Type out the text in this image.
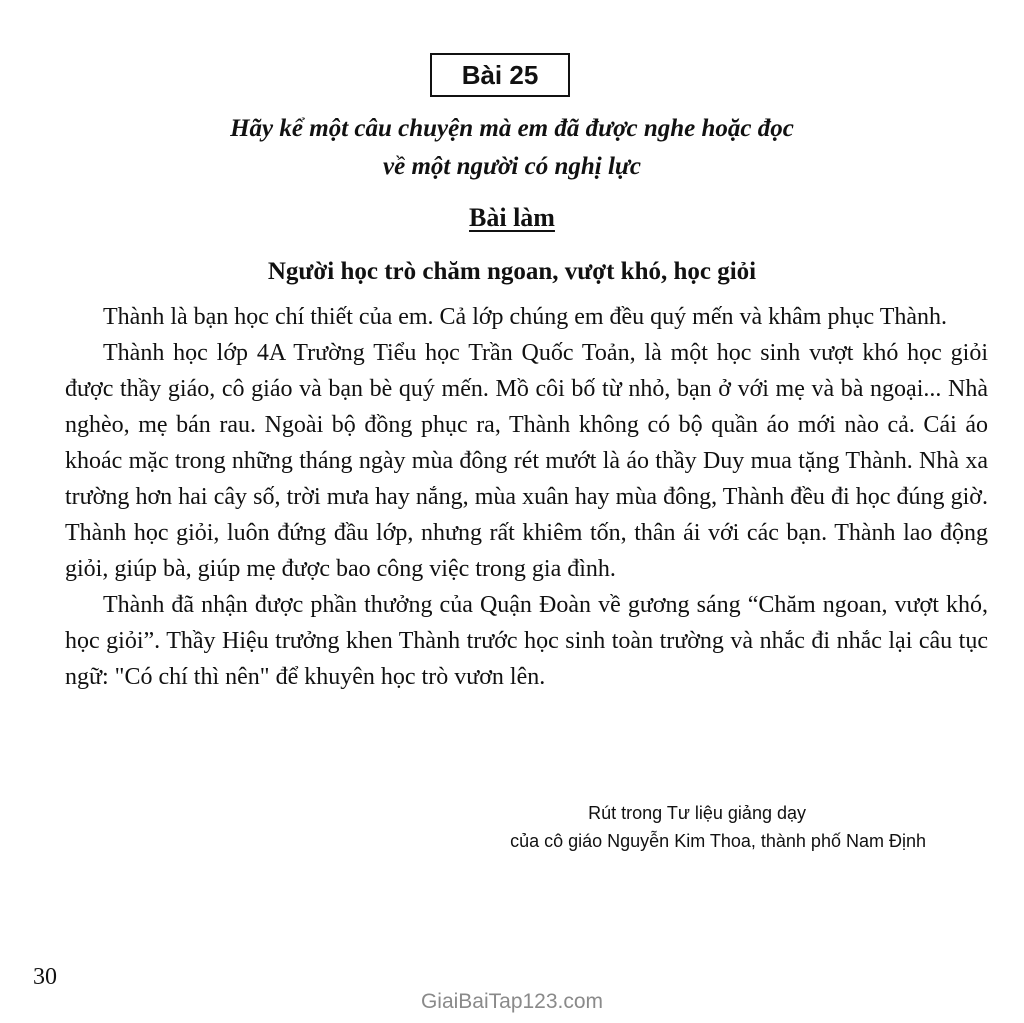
Bài 25
Hãy kể một câu chuyện mà em đã được nghe hoặc đọc
về một người có nghị lực
Bài làm
Người học trò chăm ngoan, vượt khó, học giỏi

Thành là bạn học chí thiết của em. Cả lớp chúng em đều quý mến và khâm phục Thành.

Thành học lớp 4A Trường Tiểu học Trần Quốc Toản, là một học sinh vượt khó học giỏi được thầy giáo, cô giáo và bạn bè quý mến. Mồ côi bố từ nhỏ, bạn ở với mẹ và bà ngoại... Nhà nghèo, mẹ bán rau. Ngoài bộ đồng phục ra, Thành không có bộ quần áo mới nào cả. Cái áo khoác mặc trong những tháng ngày mùa đông rét mướt là áo thầy Duy mua tặng Thành. Nhà xa trường hơn hai cây số, trời mưa hay nắng, mùa xuân hay mùa đông, Thành đều đi học đúng giờ. Thành học giỏi, luôn đứng đầu lớp, nhưng rất khiêm tốn, thân ái với các bạn. Thành lao động giỏi, giúp bà, giúp mẹ được bao công việc trong gia đình.

Thành đã nhận được phần thưởng của Quận Đoàn về gương sáng “Chăm ngoan, vượt khó, học giỏi”. Thầy Hiệu trưởng khen Thành trước học sinh toàn trường và nhắc đi nhắc lại câu tục ngữ: "Có chí thì nên" để khuyên học trò vươn lên.

Rút trong Tư liệu giảng dạy
của cô giáo Nguyễn Kim Thoa, thành phố Nam Định
30
GiaiBaiTap123.com
